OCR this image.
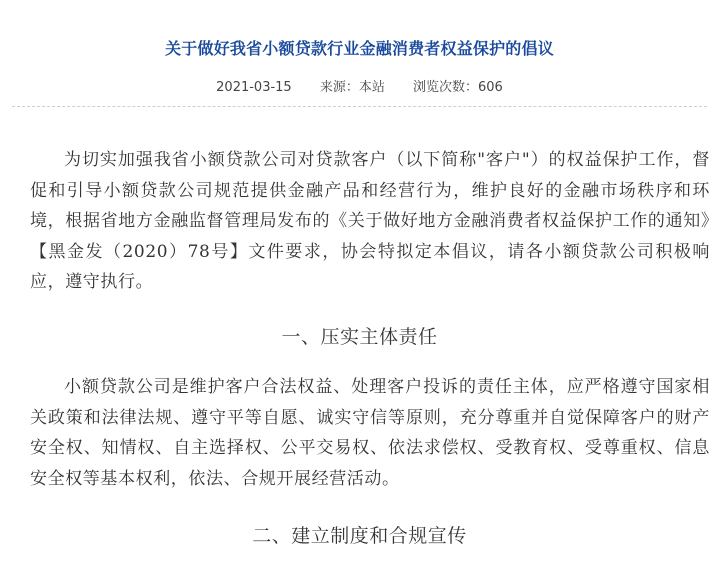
关于做好我省小额贷款行业金融消费者权益保护的倡议
2021-03-15 来源：本站 浏览次数：606

为切实加强我省小额贷款公司对贷款客户（以下简称"客户"）的权益保护工作，督促和引导小额贷款公司规范提供金融产品和经营行为，维护良好的金融市场秩序和环境，根据省地方金融监督管理局发布的《关于做好地方金融消费者权益保护工作的通知》【黑金发（2020）78号】文件要求，协会特拟定本倡议，请各小额贷款公司积极响应，遵守执行。

一、压实主体责任

小额贷款公司是维护客户合法权益、处理客户投诉的责任主体，应严格遵守国家相关政策和法律法规、遵守平等自愿、诚实守信等原则，充分尊重并自觉保障客户的财产安全权、知情权、自主选择权、公平交易权、依法求偿权、受教育权、受尊重权、信息安全权等基本权利，依法、合规开展经营活动。

二、建立制度和合规宣传
